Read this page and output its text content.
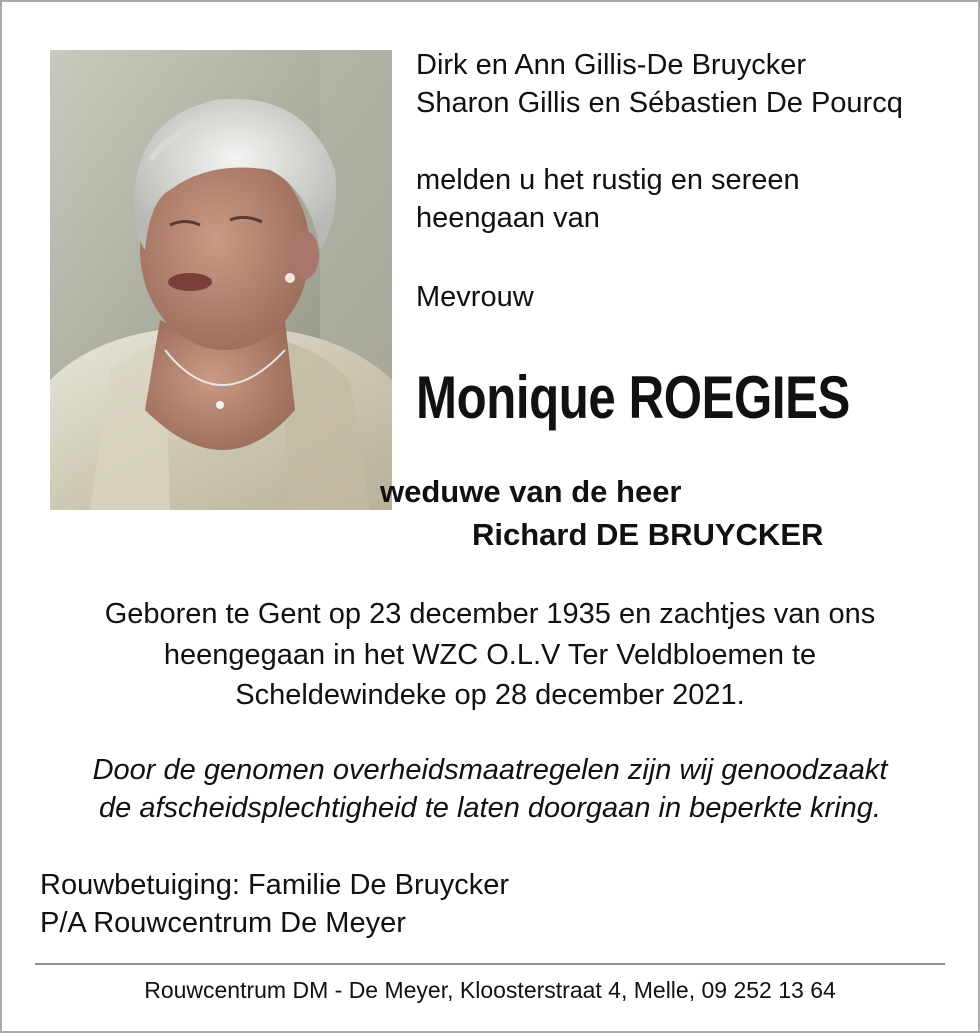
Dirk en Ann Gillis-De Bruycker
Sharon Gillis en Sébastien De Pourcq
melden u het rustig en sereen
heengaan van
Mevrouw
Monique ROEGIES
weduwe van de heer
Richard DE BRUYCKER
Geboren te Gent op 23 december 1935 en zachtjes van ons
heengegaan in het WZC O.L.V Ter Veldbloemen te
Scheldewindeke op 28 december 2021.
Door de genomen overheidsmaatregelen zijn wij genoodzaakt
de afscheidsplechtigheid te laten doorgaan in beperkte kring.
Rouwbetuiging: Familie De Bruycker
P/A Rouwcentrum De Meyer
Rouwcentrum DM - De Meyer, Kloosterstraat 4, Melle, 09 252 13 64
